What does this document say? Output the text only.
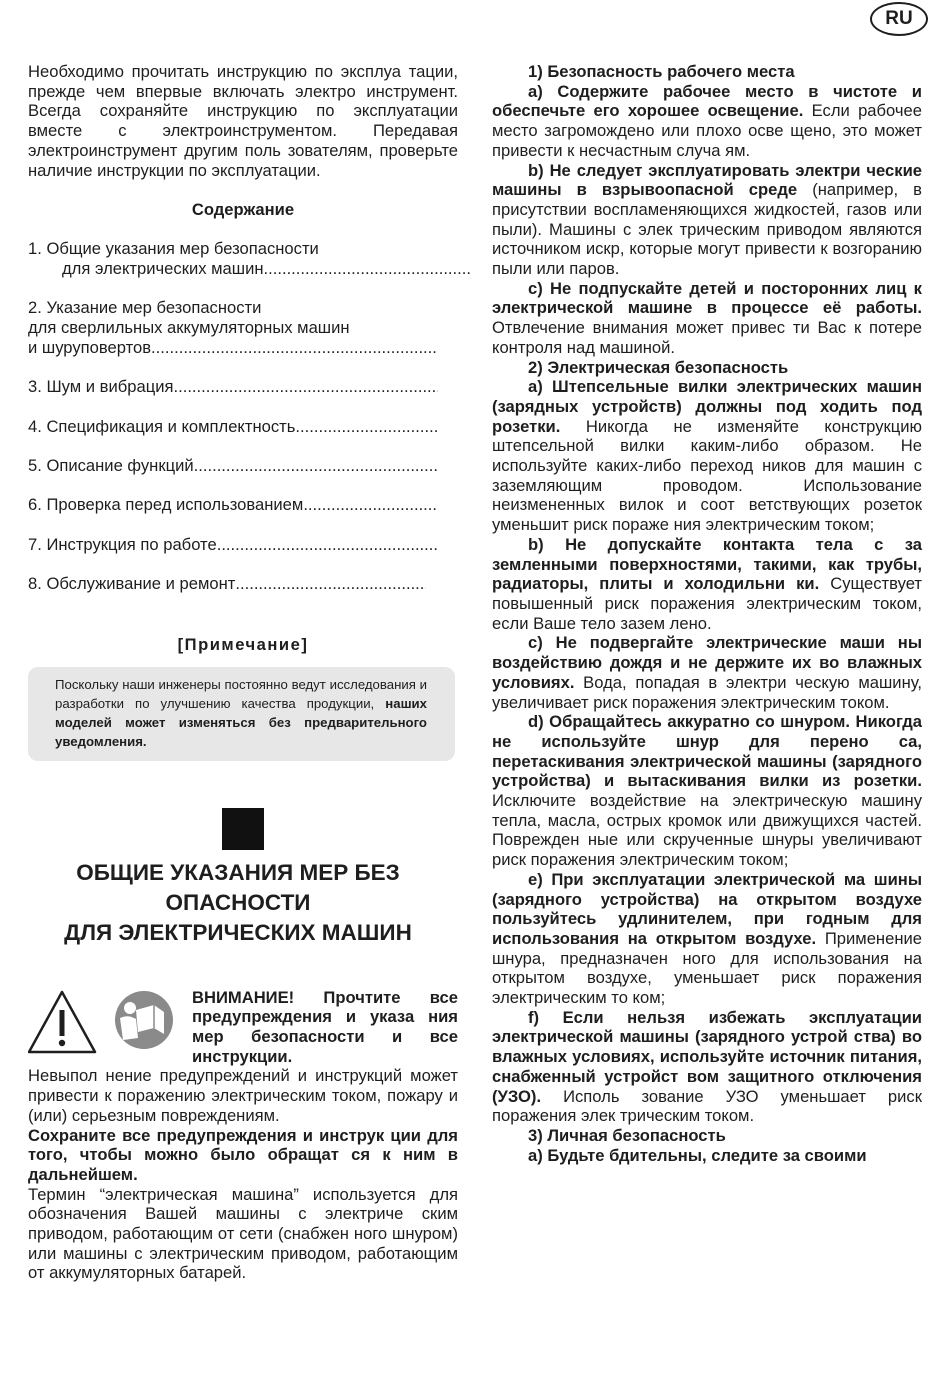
RU

Необходимо прочитать инструкцию по эксплуа тации, прежде чем впервые включать электро инструмент. Всегда сохраняйте инструкцию по эксплуатации вместе с электроинструментом. Передавая электроинструмент другим поль зователям, проверьте наличие инструкции по эксплуатации.

Содержание
1. Общие указания мер безопасности
для электрических машин
.....
2. Указание мер безопасности
для сверлильных аккумуляторных машин
и шуруповертов
.....
3. Шум и вибрация
.....
4. Спецификация и комплектность
.....
5. Описание функций
.....
6. Проверка перед использованием
.....
7. Инструкция по работе
.....
8. Обслуживание и ремонт
.....
[Примечание]
Поскольку наши инженеры постоянно ведут исследования и разработки по улучшению качества продукции, наших моделей может изменяться без предварительного уведомления.
ОБЩИЕ УКАЗАНИЯ МЕР БЕЗ
ОПАСНОСТИ
ДЛЯ ЭЛЕКТРИЧЕСКИХ МАШИН

ВНИМАНИЕ! Прочтите все предупреждения и указа ния мер безопасности и все инструкции.

Невыпол нение предупреждений и инструкций может привести к поражению электрическим током, пожару и (или) серьезным повреждениям.

Сохраните все предупреждения и инструк ции для того, чтобы можно было обращат ся к ним в дальнейшем.

Термин “электрическая машина” используется для обозначения Вашей машины с электриче ским приводом, работающим от сети (снабжен ного шнуром) или машины с электрическим приводом, работающим от аккумуляторных батарей.

1) Безопасность рабочего места

а) Содержите рабочее место в чистоте и обеспечьте его хорошее освещение. Если рабочее место загромождено или плохо осве щено, это может привести к несчастным случа ям.

b) Не следует эксплуатировать электри ческие машины в взрывоопасной среде (например, в присутствии воспламеняющихся жидкостей, газов или пыли). Машины с элек трическим приводом являются источником искр, которые могут привести к возгоранию пыли или паров.

c) Не подпускайте детей и посторонних лиц к электрической машине в процессе её работы. Отвлечение внимания может привес ти Вас к потере контроля над машиной.

2) Электрическая безопасность

a) Штепсельные вилки электрических машин (зарядных устройств) должны под ходить под розетки. Никогда не изменяйте конструкцию штепсельной вилки каким-либо образом. Не используйте каких-либо переход ников для машин с заземляющим проводом. Использование неизмененных вилок и соот ветствующих розеток уменьшит риск пораже ния электрическим током;

b) Не допускайте контакта тела с за земленными поверхностями, такими, как трубы, радиаторы, плиты и холодильни ки. Существует повышенный риск поражения электрическим током, если Ваше тело зазем лено.

c) Не подвергайте электрические маши ны воздействию дождя и не держите их во влажных условиях. Вода, попадая в электри ческую машину, увеличивает риск поражения электрическим током.

d) Обращайтесь аккуратно со шнуром. Никогда не используйте шнур для перено са, перетаскивания электрической машины (зарядного устройства) и вытаскивания вилки из розетки. Исключите воздействие на электрическую машину тепла, масла, острых кромок или движущихся частей. Поврежден ные или скрученные шнуры увеличивают риск поражения электрическим током;

e) При эксплуатации электрической ма шины (зарядного устройства) на открытом воздухе пользуйтесь удлинителем, при годным для использования на открытом воздухе. Применение шнура, предназначен ного для использования на открытом воздухе, уменьшает риск поражения электрическим то ком;

f) Если нельзя избежать эксплуатации электрической машины (зарядного устрой ства) во влажных условиях, используйте источник питания, снабженный устройст вом защитного отключения (УЗО). Исполь зование УЗО уменьшает риск поражения элек трическим током.

3) Личная безопасность

а) Будьте бдительны, следите за своими
